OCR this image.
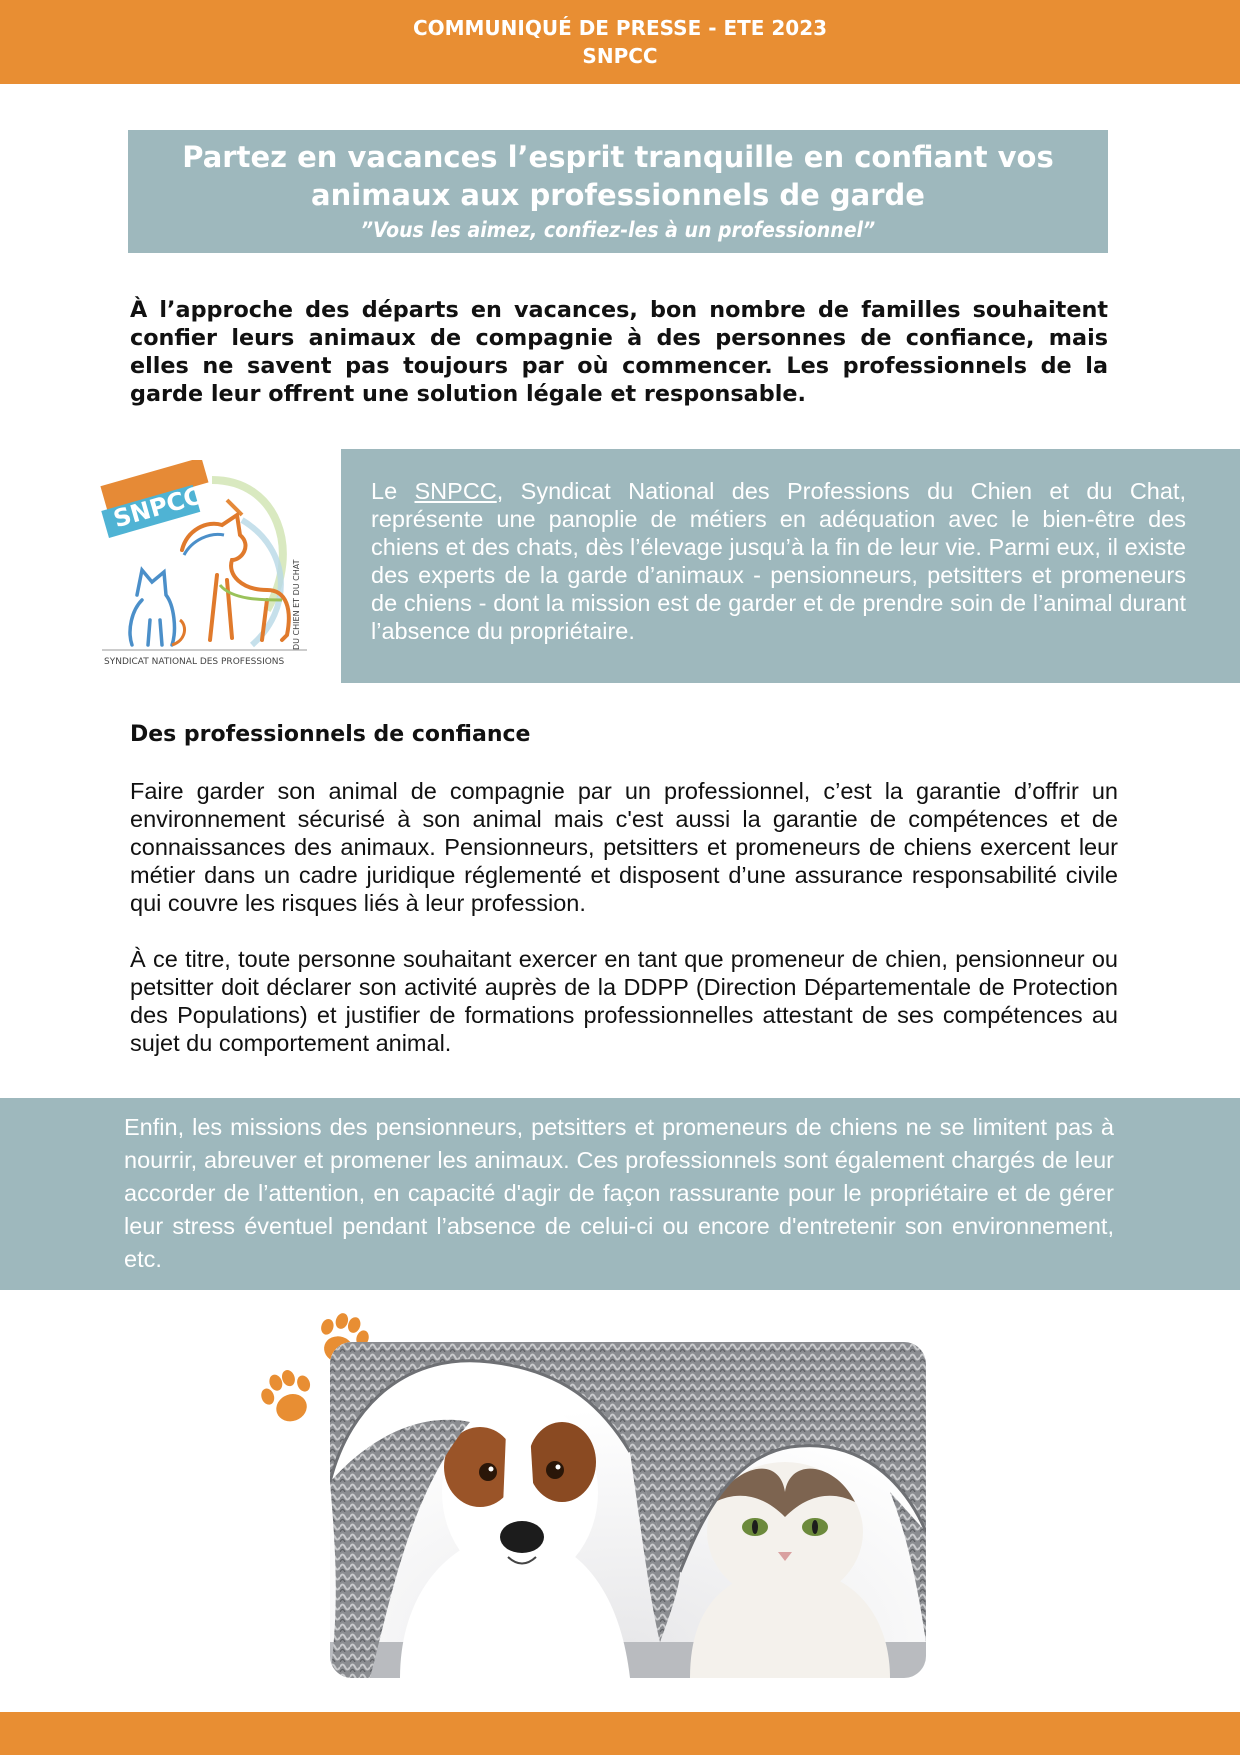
COMMUNIQUÉ DE PRESSE - ETE 2023
SNPCC
Partez en vacances l’esprit tranquille en confiant vos
animaux aux professionnels de garde
”Vous les aimez, confiez-les à un professionnel”
À l’approche des départs en vacances, bon nombre de familles souhaitent confier leurs animaux de compagnie à des personnes de confiance, mais elles ne savent pas toujours par où commencer. Les professionnels de la garde leur offrent une solution légale et responsable.
SNPCC
SYNDICAT NATIONAL DES PROFESSIONS
DU CHIEN ET DU CHAT
Le SNPCC, Syndicat National des Professions du Chien et du Chat, représente une panoplie de métiers en adéquation avec le bien-être des chiens et des chats, dès l’élevage jusqu’à la fin de leur vie. Parmi eux, il existe des experts de la garde d’animaux - pensionneurs, petsitters et promeneurs de chiens - dont la mission est de garder et de prendre soin de l’animal durant l’absence du propriétaire.
Des professionnels de confiance
Faire garder son animal de compagnie par un professionnel, c’est la garantie d’offrir un environnement sécurisé à son animal mais c'est aussi la garantie de compétences et de connaissances des animaux. Pensionneurs, petsitters et promeneurs de chiens exercent leur métier dans un cadre juridique réglementé et disposent d’une assurance responsabilité civile qui couvre les risques liés à leur profession.
À ce titre, toute personne souhaitant exercer en tant que promeneur de chien, pensionneur ou petsitter doit déclarer son activité auprès de la DDPP (Direction Départementale de Protection des Populations) et justifier de formations professionnelles attestant de ses compétences au sujet du comportement animal.
Enfin, les missions des pensionneurs, petsitters et promeneurs de chiens ne se limitent pas à nourrir, abreuver et promener les animaux. Ces professionnels sont également chargés de leur accorder de l’attention, en capacité d'agir de façon rassurante pour le propriétaire et de gérer leur stress éventuel pendant l’absence de celui-ci ou encore d'entretenir son environnement, etc.
